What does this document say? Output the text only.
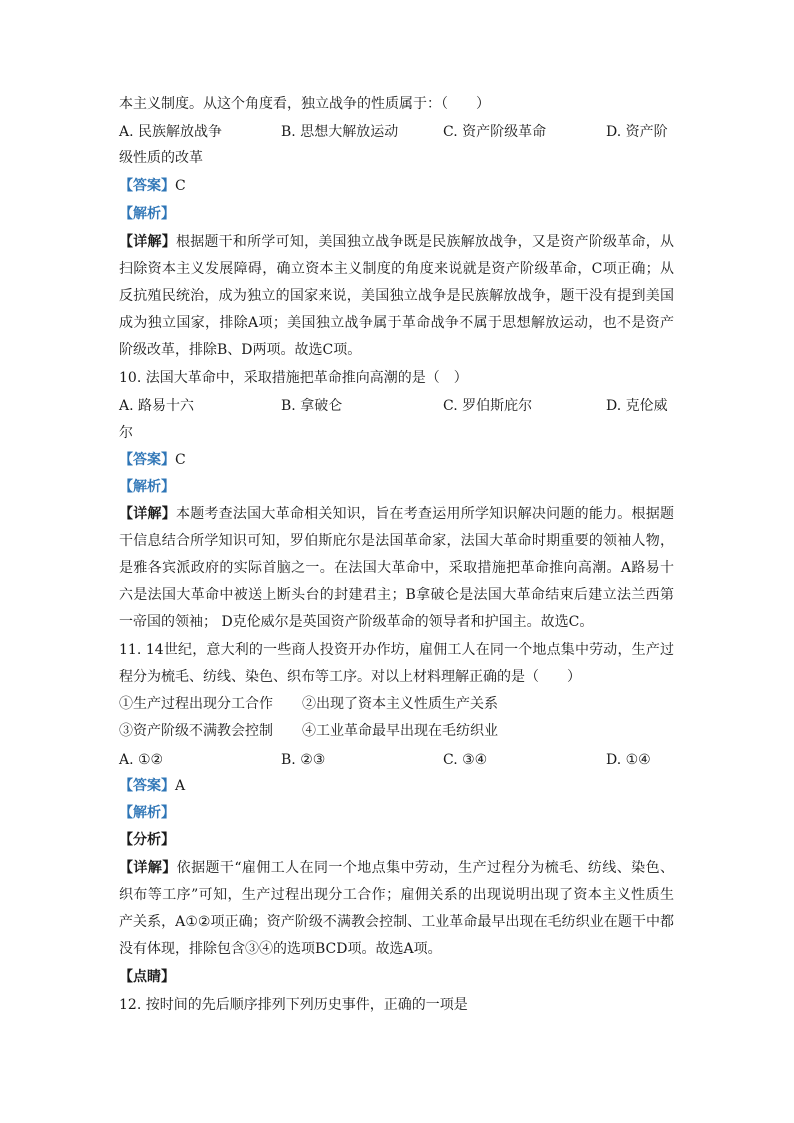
本主义制度。从这个角度看，独立战争的性质属于：（　　）
A. 民族解放战争	B. 思想大解放运动	C. 资产阶级革命	D. 资产阶
级性质的改革
【答案】C
【解析】
【详解】根据题干和所学可知，美国独立战争既是民族解放战争，又是资产阶级革命，从
扫除资本主义发展障碍，确立资本主义制度的角度来说就是资产阶级革命，C项正确；从
反抗殖民统治，成为独立的国家来说，美国独立战争是民族解放战争，题干没有提到美国
成为独立国家，排除A项；美国独立战争属于革命战争不属于思想解放运动，也不是资产
阶级改革，排除B、D两项。故选C项。
10. 法国大革命中，采取措施把革命推向高潮的是（　）
A. 路易十六	B. 拿破仑	C. 罗伯斯庇尔	D. 克伦威
尔
【答案】C
【解析】
【详解】本题考查法国大革命相关知识，旨在考查运用所学知识解决问题的能力。根据题
干信息结合所学知识可知，罗伯斯庇尔是法国革命家，法国大革命时期重要的领袖人物，
是雅各宾派政府的实际首脑之一。在法国大革命中，采取措施把革命推向高潮。A路易十
六是法国大革命中被送上断头台的封建君主；B拿破仑是法国大革命结束后建立法兰西第
一帝国的领袖； D克伦威尔是英国资产阶级革命的领导者和护国主。故选C。
11. 14世纪，意大利的一些商人投资开办作坊，雇佣工人在同一个地点集中劳动，生产过
程分为梳毛、纺线、染色、织布等工序。对以上材料理解正确的是（　　）
①生产过程出现分工合作 ②出现了资本主义性质生产关系
③资产阶级不满教会控制 ④工业革命最早出现在毛纺织业
A. ①②	B. ②③	C. ③④	D. ①④
【答案】A
【解析】
【分析】
【详解】依据题干“雇佣工人在同一个地点集中劳动，生产过程分为梳毛、纺线、染色、
织布等工序”可知，生产过程出现分工合作；雇佣关系的出现说明出现了资本主义性质生
产关系，A①②项正确；资产阶级不满教会控制、工业革命最早出现在毛纺织业在题干中都
没有体现，排除包含③④的选项BCD项。故选A项。
【点睛】
12. 按时间的先后顺序排列下列历史事件，正确的一项是
